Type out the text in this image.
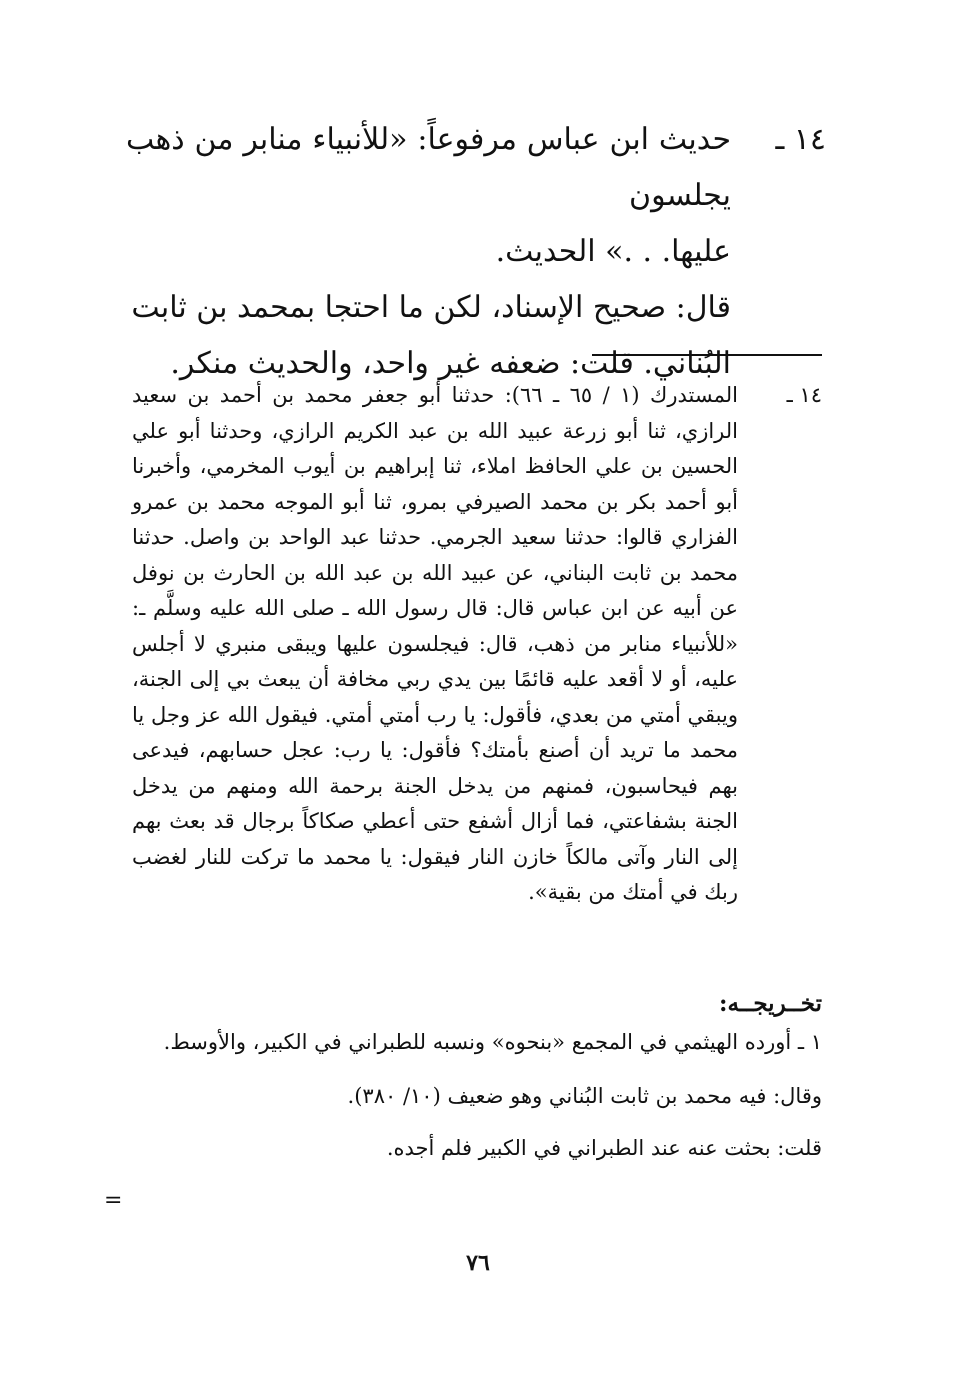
١٤ ـ
حديث ابن عباس مرفوعاً: «للأنبياء منابر من ذهب يجلسون
عليها. . .» الحديث.
قال: صحيح الإسناد، لكن ما احتجا بمحمد بن ثابت
البُناني. قلت: ضعفه غير واحد، والحديث منكر.
١٤ ـ
المستدرك (١ / ٦٥ ـ ٦٦): حدثنا أبو جعفر محمد بن أحمد بن سعيد الرازي، ثنا أبو زرعة عبيد الله بن عبد الكريم الرازي، وحدثنا أبو علي الحسين بن علي الحافظ املاء، ثنا إبراهيم بن أيوب المخرمي، وأخبرنا أبو أحمد بكر بن محمد الصيرفي بمرو، ثنا أبو الموجه محمد بن عمرو الفزاري قالوا: حدثنا سعيد الجرمي. حدثنا عبد الواحد بن واصل. حدثنا محمد بن ثابت البناني، عن عبيد الله بن عبد الله بن الحارث بن نوفل عن أبيه عن ابن عباس قال: قال رسول الله ـ صلى الله عليه وسلَّم ـ: «للأنبياء منابر من ذهب، قال: فيجلسون عليها ويبقى منبري لا أجلس عليه، أو لا أقعد عليه قائمًا بين يدي ربي مخافة أن يبعث بي إلى الجنة، ويبقي أمتي من بعدي، فأقول: يا رب أمتي أمتي. فيقول الله عز وجل يا محمد ما تريد أن أصنع بأمتك؟ فأقول: يا رب: عجل حسابهم، فيدعى بهم فيحاسبون، فمنهم من يدخل الجنة برحمة الله ومنهم من يدخل الجنة بشفاعتي، فما أزال أشفع حتى أعطي صكاكاً برجال قد بعث بهم إلى النار وآتى مالكاً خازن النار فيقول: يا محمد ما تركت للنار لغضب ربك في أمتك من بقية».
تخــريجــه:
١ ـ أورده الهيثمي في المجمع «بنحوه» ونسبه للطبراني في الكبير، والأوسط.
وقال: فيه محمد بن ثابت البُناني وهو ضعيف (١٠/ ٣٨٠).
قلت: بحثت عنه عند الطبراني في الكبير فلم أجده.
=
٧٦
